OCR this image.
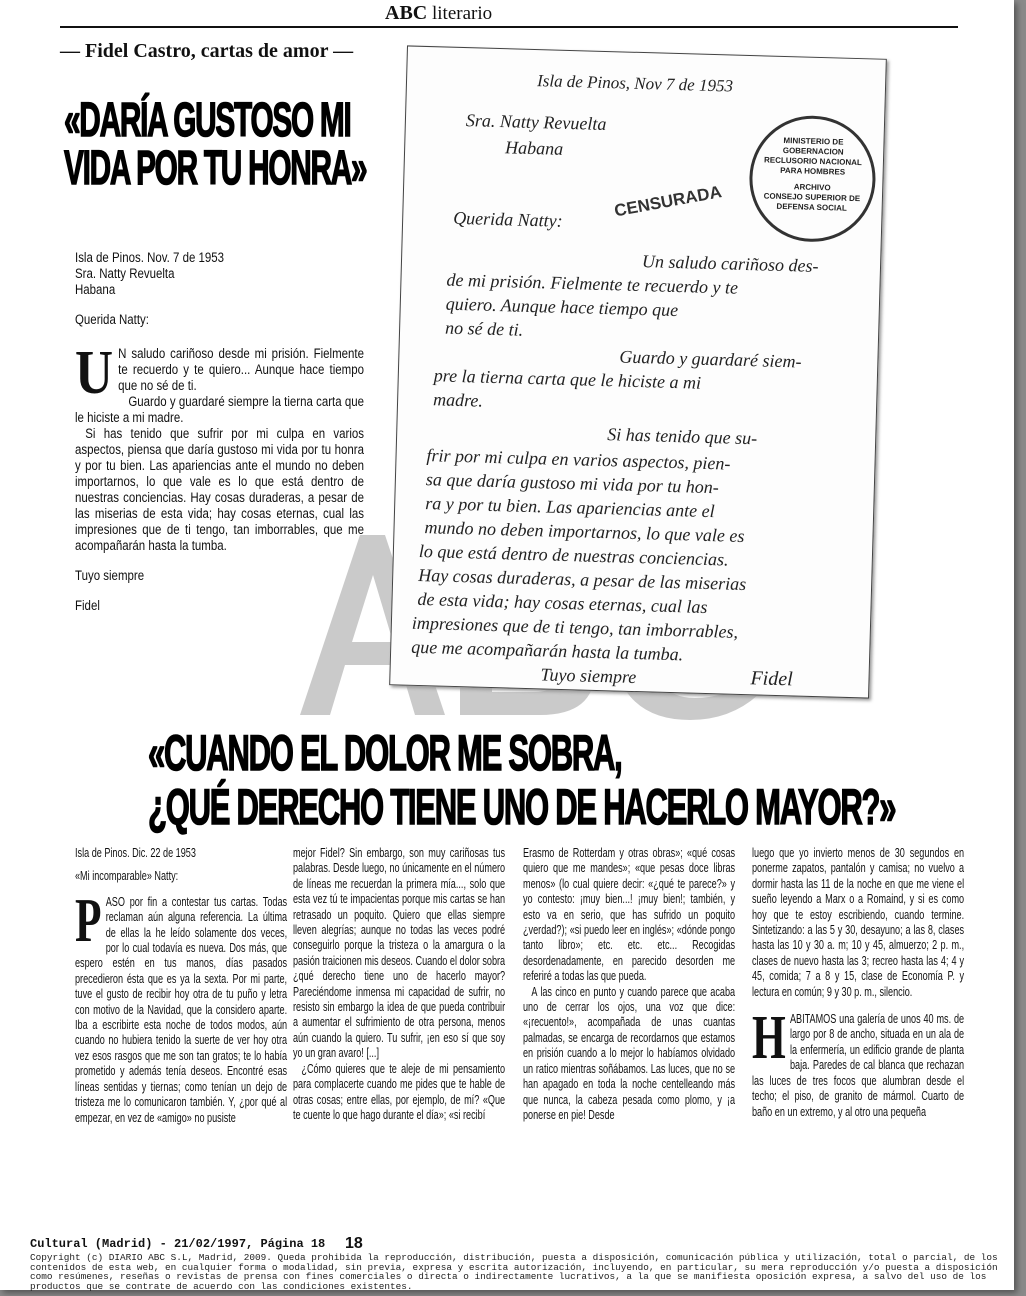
ABC literario
— Fidel Castro, cartas de amor —
«DARÍA GUSTOSO MI VIDA POR TU HONRA»

Isla de Pinos. Nov. 7 de 1953

Sra. Natty Revuelta

Habana

Querida Natty:

U N saludo cariñoso desde mi prisión. Fielmente te recuerdo y te quiero... Aunque hace tiempo que no sé de ti.

Guardo y guardaré siempre la tierna carta que le hiciste a mi madre.

Si has tenido que sufrir por mi culpa en varios aspectos, piensa que daría gustoso mi vida por tu honra y por tu bien. Las apariencias ante el mundo no deben importarnos, lo que vale es lo que está dentro de nuestras conciencias. Hay cosas duraderas, a pesar de las miserias de esta vida; hay cosas eternas, cual las impresiones que de ti tengo, tan imborrables, que me acompañarán hasta la tumba.

Tuyo siempre

Fidel

Isla de Pinos, Nov 7 de 1953
Sra. Natty Revuelta
Habana	MINISTERIO DE GOBERNACION
RECLUSORIO NACIONAL PARA HOMBRES
ARCHIVO
CONSEJO SUPERIOR DE DEFENSA SOCIAL
CENSURADA
Querida Natty:
Un saludo cariñoso des-
de mi prisión. Fielmente te recuerdo y te
quiero. Aunque hace tiempo que
no sé de ti.
Guardo y guardaré siem-
pre la tierna carta que le hiciste a mi
madre.
Si has tenido que su-
frir por mi culpa en varios aspectos, pien-
sa que daría gustoso mi vida por tu hon-
ra y por tu bien. Las apariencias ante el
mundo no deben importarnos, lo que vale es
lo que está dentro de nuestras conciencias.
Hay cosas duraderas, a pesar de las miserias
de esta vida; hay cosas eternas, cual las
impresiones que de ti tengo, tan imborrables,
que me acompañarán hasta la tumba.
Tuyo siempre	Fidel
«CUANDO EL DOLOR ME SOBRA,
¿QUÉ DERECHO TIENE UNO DE HACERLO MAYOR?»

Isla de Pinos. Dic. 22 de 1953

«Mi incomparable» Natty:

PASO por fin a contestar tus cartas. Todas reclaman aún alguna referencia. La última de ellas la he leído solamente dos veces, por lo cual todavía es nueva. Dos más, que espero estén en tus manos, días pasados precedieron ésta que es ya la sexta. Por mi parte, tuve el gusto de recibir hoy otra de tu puño y letra con motivo de la Navidad, que la considero aparte. Iba a escribirte esta noche de todos modos, aún cuando no hubiera tenido la suerte de ver hoy otra vez esos rasgos que me son tan gratos; te lo había prometido y además tenía deseos. Encontré esas líneas sentidas y tiernas; como tenían un dejo de tristeza me lo comunicaron también. Y, ¿por qué al empezar, en vez de «amigo» no pusiste

mejor Fidel? Sin embargo, son muy cariñosas tus palabras. Desde luego, no únicamente en el número de líneas me recuerdan la primera mía..., solo que esta vez tú te impacientas porque mis cartas se han retrasado un poquito. Quiero que ellas siempre lleven alegrías; aunque no todas las veces podré conseguirlo porque la tristeza o la amargura o la pasión traicionen mis deseos. Cuando el dolor sobra ¿qué derecho tiene uno de hacerlo mayor? Pareciéndome inmensa mi capacidad de sufrir, no resisto sin embargo la idea de que pueda contribuir a aumentar el sufrimiento de otra persona, menos aún cuando la quiero. Tu sufrir, ¡en eso sí que soy yo un gran avaro! [...]

¿Cómo quieres que te aleje de mi pensamiento para complacerte cuando me pides que te hable de otras cosas; entre ellas, por ejemplo, de mí? «Que te cuente lo que hago durante el día»; «si recibí

Erasmo de Rotterdam y otras obras»; «qué cosas quiero que me mandes»; «que pesas doce libras menos» (lo cual quiere decir: «¿qué te parece?» y yo contesto: ¡muy bien...! ¡muy bien!; también, y esto va en serio, que has sufrido un poquito ¿verdad?); «si puedo leer en inglés»; «dónde pongo tanto libro»; etc. etc. etc... Recogidas desordenadamente, en parecido desorden me referiré a todas las que pueda.

A las cinco en punto y cuando parece que acaba uno de cerrar los ojos, una voz que dice: «¡recuento!», acompañada de unas cuantas palmadas, se encarga de recordarnos que estamos en prisión cuando a lo mejor lo habíamos olvidado un ratico mientras soñábamos. Las luces, que no se han apagado en toda la noche centelleando más que nunca, la cabeza pesada como plomo, y ¡a ponerse en pie! Desde

luego que yo invierto menos de 30 segundos en ponerme zapatos, pantalón y camisa; no vuelvo a dormir hasta las 11 de la noche en que me viene el sueño leyendo a Marx o a Romaind, y si es como hoy que te estoy escribiendo, cuando termine. Sintetizando: a las 5 y 30, desayuno; a las 8, clases hasta las 10 y 30 a. m; 10 y 45, almuerzo; 2 p. m., clases de nuevo hasta las 3; recreo hasta las 4; 4 y 45, comida; 7 a 8 y 15, clase de Economía P. y lectura en común; 9 y 30 p. m., silencio.

HABITAMOS una galería de unos 40 ms. de largo por 8 de ancho, situada en un ala de la enfermería, un edificio grande de planta baja. Paredes de cal blanca que rechazan las luces de tres focos que alumbran desde el techo; el piso, de granito de mármol. Cuarto de baño en un extremo, y al otro una pequeña

Cultural (Madrid) - 21/02/1997, Página 18 18
Copyright (c) DIARIO ABC S.L, Madrid, 2009. Queda prohibida la reproducción, distribución, puesta a disposición, comunicación pública y utilización, total o parcial, de los contenidos de esta web, en cualquier forma o modalidad, sin previa, expresa y escrita autorización, incluyendo, en particular, su mera reproducción y/o puesta a disposición como resúmenes, reseñas o revistas de prensa con fines comerciales o directa o indirectamente lucrativos, a la que se manifiesta oposición expresa, a salvo del uso de los productos que se contrate de acuerdo con las condiciones existentes.
